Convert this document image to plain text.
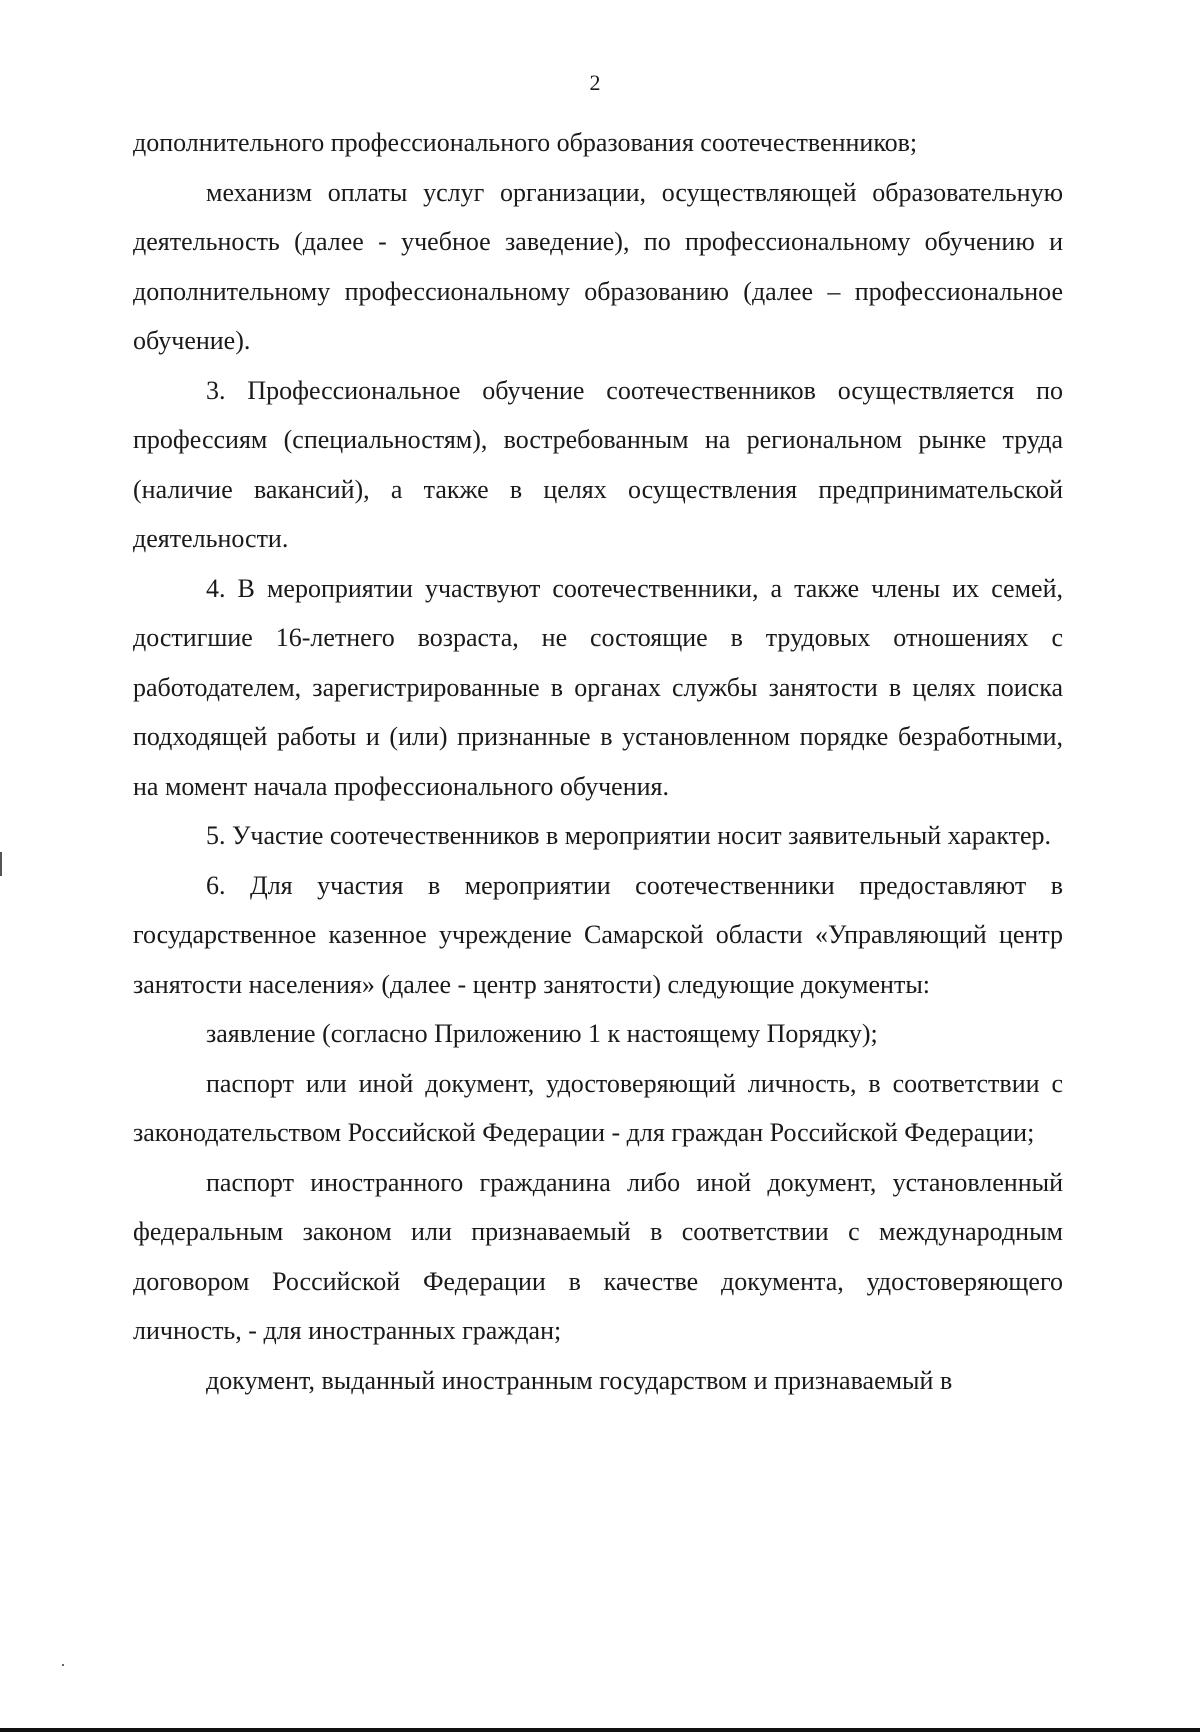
2

дополнительного профессионального образования соотечественников;

механизм оплаты услуг организации, осуществляющей образовательную деятельность (далее - учебное заведение), по профессиональному обучению и дополнительному профессиональному образованию (далее – профессиональное обучение).

3. Профессиональное обучение соотечественников осуществляется по профессиям (специальностям), востребованным на региональном рынке труда (наличие вакансий), а также в целях осуществления предпринимательской деятельности.

4. В мероприятии участвуют соотечественники, а также члены их семей, достигшие 16-летнего возраста, не состоящие в трудовых отношениях с работодателем, зарегистрированные в органах службы занятости в целях поиска подходящей работы и (или) признанные в установленном порядке безработными, на момент начала профессионального обучения.

5. Участие соотечественников в мероприятии носит заявительный характер.

6. Для участия в мероприятии соотечественники предоставляют в государственное казенное учреждение Самарской области «Управляющий центр занятости населения» (далее - центр занятости) следующие документы:

заявление (согласно Приложению 1 к настоящему Порядку);

паспорт или иной документ, удостоверяющий личность, в соответствии с законодательством Российской Федерации - для граждан Российской Федерации;

паспорт иностранного гражданина либо иной документ, установленный федеральным законом или признаваемый в соответствии с международным договором Российской Федерации в качестве документа, удостоверяющего личность, - для иностранных граждан;

документ, выданный иностранным государством и признаваемый в
